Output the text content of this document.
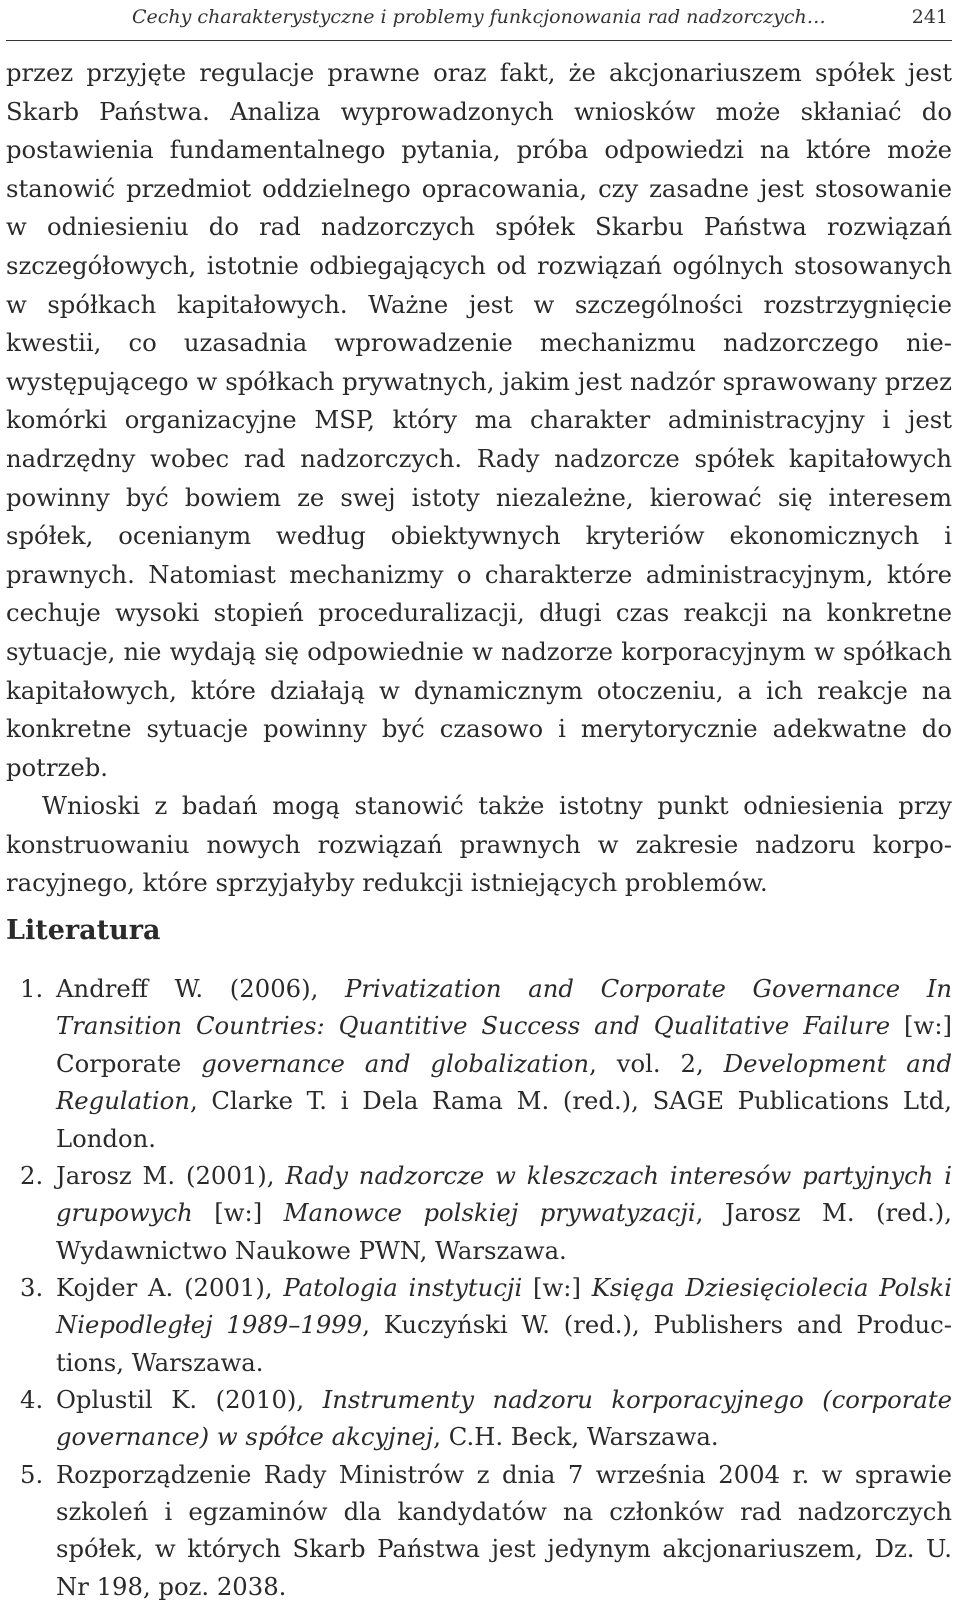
Cechy charakterystyczne i problemy funkcjonowania rad nadzorczych…	241

przez przyjęte regulacje prawne oraz fakt, że akcjonariuszem spółek jest Skarb Państwa. Analiza wyprowadzonych wniosków może skłaniać do postawienia fundamentalnego pytania, próba odpowiedzi na które może stanowić przedmiot oddzielnego opracowania, czy zasadne jest stosowanie w odniesieniu do rad nadzorczych spółek Skarbu Państwa rozwiązań szczegółowych, istotnie odbiegających od rozwiązań ogólnych stosowanych w spółkach kapitałowych. Ważne jest w szczególności rozstrzygnięcie kwestii, co uzasadnia wprowadzenie mechanizmu nadzorczego niewystępującego w spółkach prywatnych, jakim jest nadzór sprawowany przez komórki organizacyjne MSP, który ma charakter administracyjny i jest nadrzędny wobec rad nadzorczych. Rady nadzorcze spółek kapitałowych powinny być bowiem ze swej istoty niezależne, kierować się interesem spółek, ocenianym według obiektywnych kryteriów ekonomicznych i prawnych. Natomiast mechanizmy o charakterze administracyjnym, które cechuje wysoki stopień proceduralizacji, długi czas reakcji na konkretne sytuacje, nie wydają się odpowiednie w nadzorze korporacyjnym w spółkach kapitałowych, które działają w dynamicznym otoczeniu, a ich reakcje na konkretne sytuacje powinny być czasowo i merytorycznie adekwatne do potrzeb.

Wnioski z badań mogą stanowić także istotny punkt odniesienia przy konstruowaniu nowych rozwiązań prawnych w zakresie nadzoru korporacyjnego, które sprzyjałyby redukcji istniejących problemów.

Literatura
1. Andreff W. (2006), Privatization and Corporate Governance In Transition Countries: Quantitive Success and Qualitative Failure [w:] Corporate governance and globalization, vol. 2, Development and Regulation, Clarke T. i Dela Rama M. (red.), SAGE Publications Ltd, London.
2. Jarosz M. (2001), Rady nadzorcze w kleszczach interesów partyjnych i grupowych [w:] Manowce polskiej prywatyzacji, Jarosz M. (red.), Wydawnictwo Naukowe PWN, Warszawa.
3. Kojder A. (2001), Patologia instytucji [w:] Księga Dziesięciolecia Polski Niepodległej 1989–1999, Kuczyński W. (red.), Publishers and Productions, Warszawa.
4. Oplustil K. (2010), Instrumenty nadzoru korporacyjnego (corporate governance) w spółce akcyjnej, C.H. Beck, Warszawa.
5. Rozporządzenie Rady Ministrów z dnia 7 września 2004 r. w sprawie szkoleń i egzaminów dla kandydatów na członków rad nadzorczych spółek, w których Skarb Państwa jest jedynym akcjonariuszem, Dz. U. Nr 198, poz. 2038.
